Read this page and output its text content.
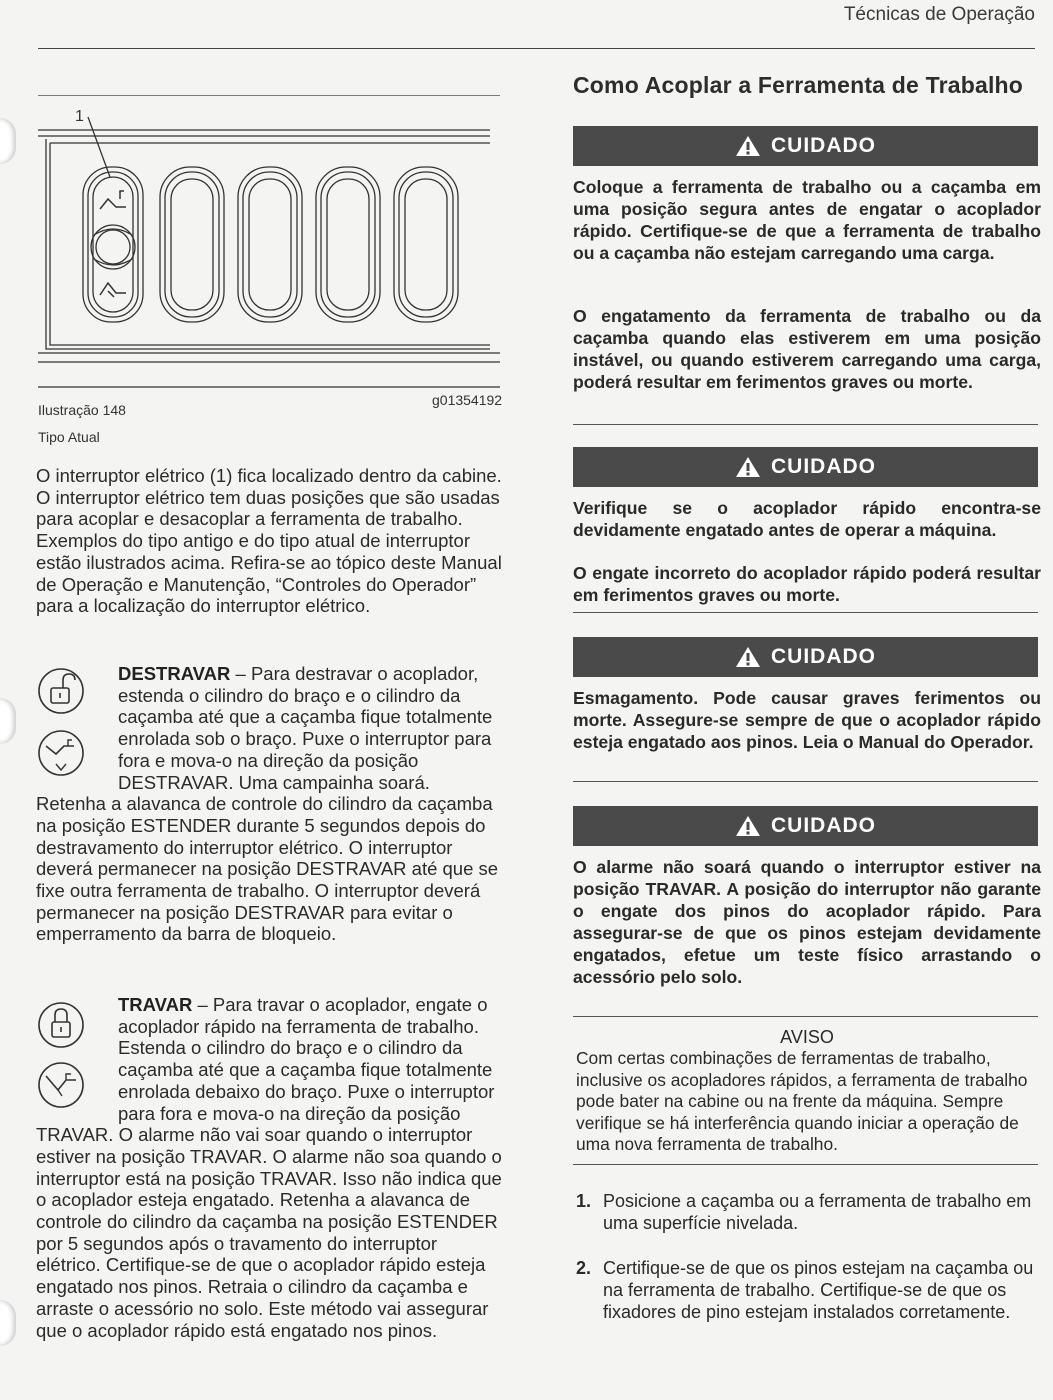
Técnicas de Operação
1
Ilustração 148
g01354192
Tipo Atual

O interruptor elétrico (1) fica localizado dentro da cabine. O interruptor elétrico tem duas posições que são usadas para acoplar e desacoplar a ferramenta de trabalho. Exemplos do tipo antigo e do tipo atual de interruptor estão ilustrados acima. Refira-se ao tópico deste Manual de Operação e Manutenção, “Controles do Operador” para a localização do interruptor elétrico.

DESTRAVAR – Para destravar o acoplador, estenda o cilindro do braço e o cilindro da caçamba até que a caçamba fique totalmente enrolada sob o braço. Puxe o interruptor para fora e mova-o na direção da posição DESTRAVAR. Uma campainha soará. Retenha a alavanca de controle do cilindro da caçamba na posição ESTENDER durante 5 segundos depois do destravamento do interruptor elétrico. O interruptor deverá permanecer na posição DESTRAVAR até que se fixe outra ferramenta de trabalho. O interruptor deverá permanecer na posição DESTRAVAR para evitar o emperramento da barra de bloqueio.

TRAVAR – Para travar o acoplador, engate o acoplador rápido na ferramenta de trabalho. Estenda o cilindro do braço e o cilindro da caçamba até que a caçamba fique totalmente enrolada debaixo do braço. Puxe o interruptor para fora e mova-o na direção da posição TRAVAR. O alarme não vai soar quando o interruptor estiver na posição TRAVAR. O alarme não soa quando o interruptor está na posição TRAVAR. Isso não indica que o acoplador esteja engatado. Retenha a alavanca de controle do cilindro da caçamba na posição ESTENDER por 5 segundos após o travamento do interruptor elétrico. Certifique-se de que o acoplador rápido esteja engatado nos pinos. Retraia o cilindro da caçamba e arraste o acessório no solo. Este método vai assegurar que o acoplador rápido está engatado nos pinos.

Como Acoplar a Ferramenta de Trabalho
CUIDADO

Coloque a ferramenta de trabalho ou a caçamba em uma posição segura antes de engatar o acoplador rápido. Certifique-se de que a ferramenta de trabalho ou a caçamba não estejam carregando uma carga.

O engatamento da ferramenta de trabalho ou da caçamba quando elas estiverem em uma posição instável, ou quando estiverem carregando uma carga, poderá resultar em ferimentos graves ou morte.

CUIDADO

Verifique se o acoplador rápido encontra-se devidamente engatado antes de operar a máquina.

O engate incorreto do acoplador rápido poderá resultar em ferimentos graves ou morte.

CUIDADO

Esmagamento. Pode causar graves ferimentos ou morte. Assegure-se sempre de que o acoplador rápido esteja engatado aos pinos. Leia o Manual do Operador.

CUIDADO

O alarme não soará quando o interruptor estiver na posição TRAVAR. A posição do interruptor não garante o engate dos pinos do acoplador rápido. Para assegurar-se de que os pinos estejam devidamente engatados, efetue um teste físico arrastando o acessório pelo solo.

AVISO

Com certas combinações de ferramentas de trabalho, inclusive os acopladores rápidos, a ferramenta de trabalho pode bater na cabine ou na frente da máquina. Sempre verifique se há interferência quando iniciar a operação de uma nova ferramenta de trabalho.

1. Posicione a caçamba ou a ferramenta de trabalho em uma superfície nivelada.

2. Certifique-se de que os pinos estejam na caçamba ou na ferramenta de trabalho. Certifique-se de que os fixadores de pino estejam instalados corretamente.
